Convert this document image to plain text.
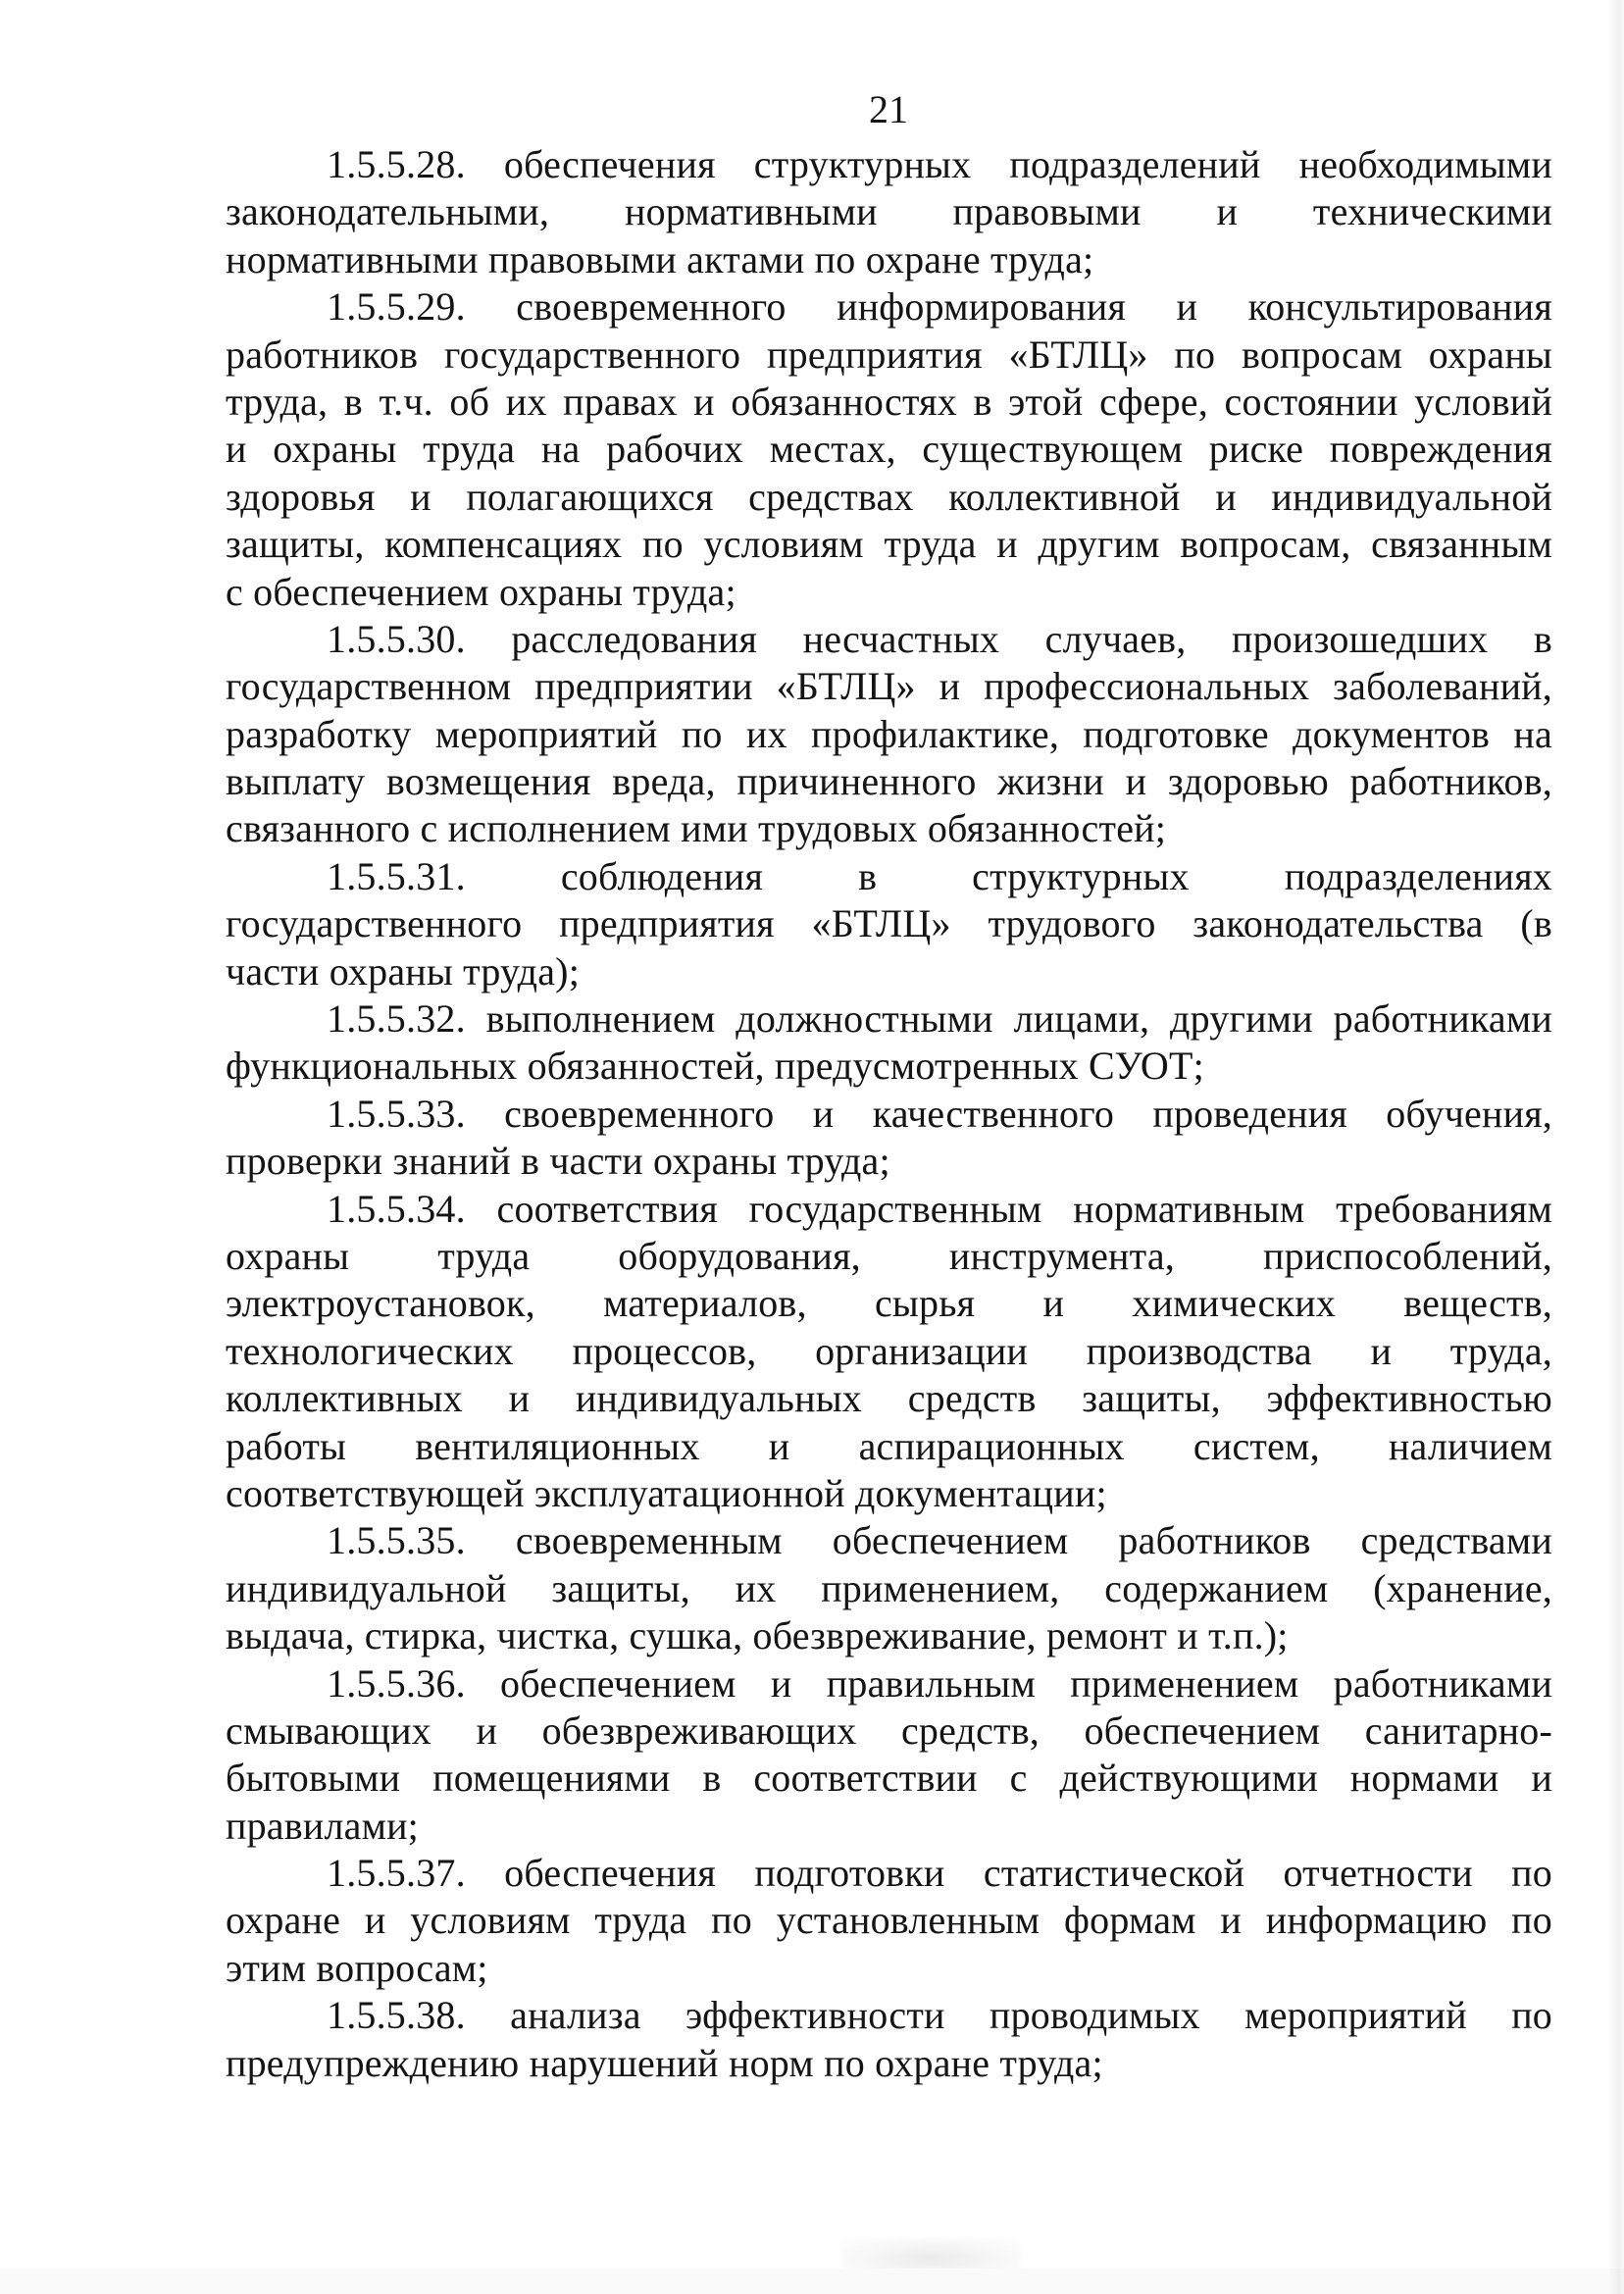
21
1.5.5.28. обеспечения структурных подразделений необходимыми
законодательными, нормативными правовыми и техническими
нормативными правовыми актами по охране труда;
1.5.5.29. своевременного информирования и консультирования
работников государственного предприятия «БТЛЦ» по вопросам охраны
труда, в т.ч. об их правах и обязанностях в этой сфере, состоянии условий
и охраны труда на рабочих местах, существующем риске повреждения
здоровья и полагающихся средствах коллективной и индивидуальной
защиты, компенсациях по условиям труда и другим вопросам, связанным
с обеспечением охраны труда;
1.5.5.30. расследования несчастных случаев, произошедших в
государственном предприятии «БТЛЦ» и профессиональных заболеваний,
разработку мероприятий по их профилактике, подготовке документов на
выплату возмещения вреда, причиненного жизни и здоровью работников,
связанного с исполнением ими трудовых обязанностей;
1.5.5.31. соблюдения в структурных подразделениях
государственного предприятия «БТЛЦ» трудового законодательства (в
части охраны труда);
1.5.5.32. выполнением должностными лицами, другими работниками
функциональных обязанностей, предусмотренных СУОТ;
1.5.5.33. своевременного и качественного проведения обучения,
проверки знаний в части охраны труда;
1.5.5.34. соответствия государственным нормативным требованиям
охраны труда оборудования, инструмента, приспособлений,
электроустановок, материалов, сырья и химических веществ,
технологических процессов, организации производства и труда,
коллективных и индивидуальных средств защиты, эффективностью
работы вентиляционных и аспирационных систем, наличием
соответствующей эксплуатационной документации;
1.5.5.35. своевременным обеспечением работников средствами
индивидуальной защиты, их применением, содержанием (хранение,
выдача, стирка, чистка, сушка, обезвреживание, ремонт и т.п.);
1.5.5.36. обеспечением и правильным применением работниками
смывающих и обезвреживающих средств, обеспечением санитарно-
бытовыми помещениями в соответствии с действующими нормами и
правилами;
1.5.5.37. обеспечения подготовки статистической отчетности по
охране и условиям труда по установленным формам и информацию по
этим вопросам;
1.5.5.38. анализа эффективности проводимых мероприятий по
предупреждению нарушений норм по охране труда;
